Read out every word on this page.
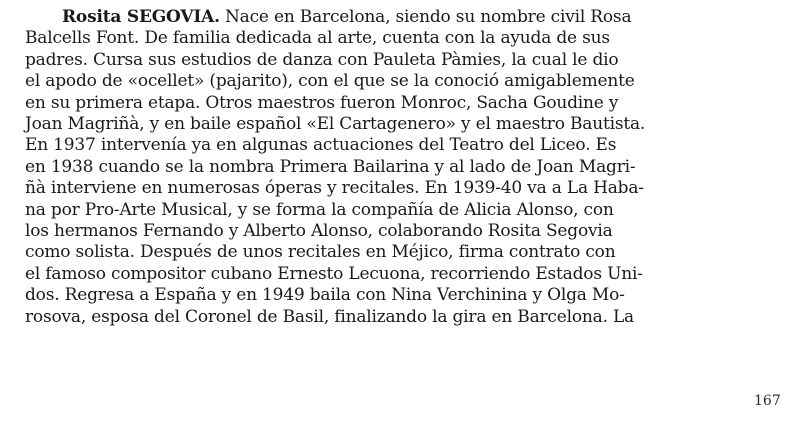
Rosita SEGOVIA. Nace en Barcelona, siendo su nombre civil Rosa
Balcells Font. De familia dedicada al arte, cuenta con la ayuda de sus
padres. Cursa sus estudios de danza con Pauleta Pàmies, la cual le dio
el apodo de «ocellet» (pajarito), con el que se la conoció amigablemente
en su primera etapa. Otros maestros fueron Monroc, Sacha Goudine y
Joan Magriñà, y en baile español «El Cartagenero» y el maestro Bautista.
En 1937 intervenía ya en algunas actuaciones del Teatro del Liceo. Es
en 1938 cuando se la nombra Primera Bailarina y al lado de Joan Magri-
ñà interviene en numerosas óperas y recitales. En 1939-40 va a La Haba-
na por Pro-Arte Musical, y se forma la compañía de Alicia Alonso, con
los hermanos Fernando y Alberto Alonso, colaborando Rosita Segovia
como solista. Después de unos recitales en Méjico, firma contrato con
el famoso compositor cubano Ernesto Lecuona, recorriendo Estados Uni-
dos. Regresa a España y en 1949 baila con Nina Verchinina y Olga Mo-
rosova, esposa del Coronel de Basil, finalizando la gira en Barcelona. La

167
